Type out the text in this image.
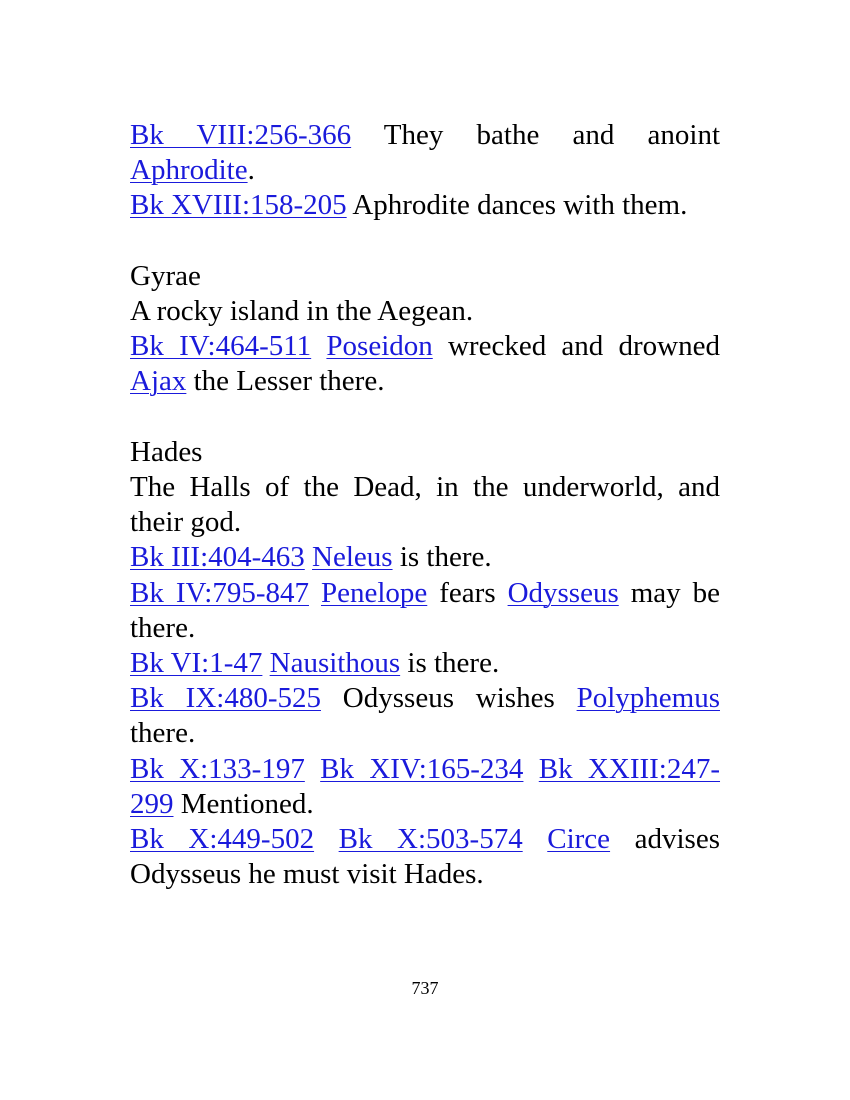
Bk VIII:256-366 They bathe and anoint Aphrodite.

Bk XVIII:158-205 Aphrodite dances with them.

Gyrae

A rocky island in the Aegean.

Bk IV:464-511 Poseidon wrecked and drowned Ajax the Lesser there.

Hades

The Halls of the Dead, in the underworld, and their god.

Bk III:404-463 Neleus is there.

Bk IV:795-847 Penelope fears Odysseus may be there.

Bk VI:1-47 Nausithous is there.

Bk IX:480-525 Odysseus wishes Polyphemus there.

Bk X:133-197 Bk XIV:165-234 Bk XXIII:247-299 Mentioned.

Bk X:449-502 Bk X:503-574 Circe advises Odysseus he must visit Hades.

737
